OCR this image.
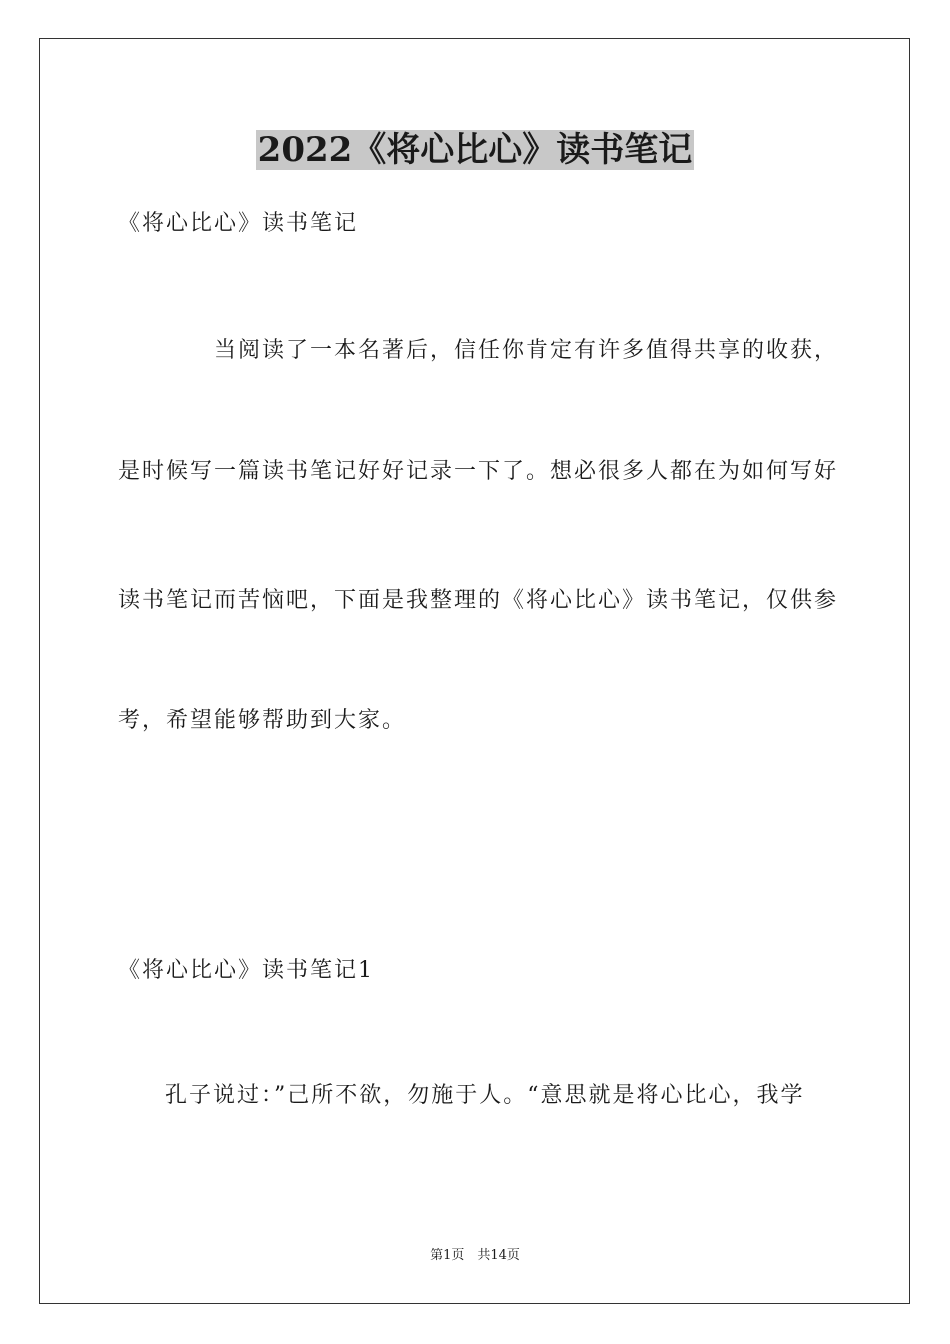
2022《将心比心》读书笔记
《将心比心》读书笔记
当阅读了一本名著后，信任你肯定有许多值得共享的收获，
是时候写一篇读书笔记好好记录一下了。想必很多人都在为如何写好
读书笔记而苦恼吧，下面是我整理的《将心比心》读书笔记，仅供参
考，希望能够帮助到大家。
《将心比心》读书笔记1
孔子说过：”己所不欲，勿施于人。“意思就是将心比心，我学
第1页　共14页
